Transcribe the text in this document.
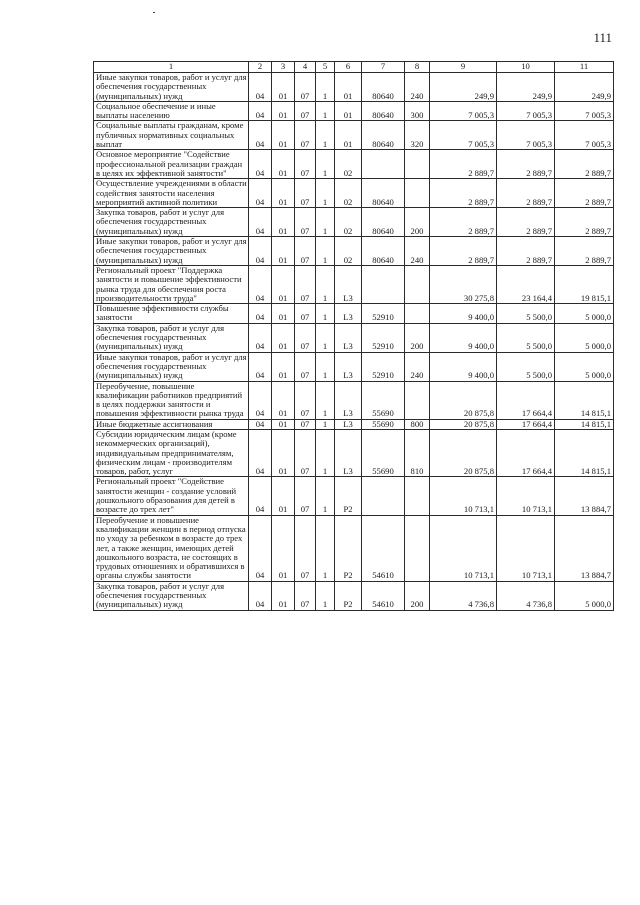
111
1	2	3	4	5	6	7	8	9	10	11
Иные закупки товаров, работ и услуг для обеспечения государственных (муниципальных) нужд	04	01	07	1	01	80640	240	249,9	249,9	249,9
Социальное обеспечение и иные выплаты населению	04	01	07	1	01	80640	300	7 005,3	7 005,3	7 005,3
Социальные выплаты гражданам, кроме публичных нормативных социальных выплат	04	01	07	1	01	80640	320	7 005,3	7 005,3	7 005,3
Основное мероприятие "Содействие профессиональной реализации граждан в целях их эффективной занятости"	04	01	07	1	02			2 889,7	2 889,7	2 889,7
Осуществление учреждениями в области содействия занятости населения мероприятий активной политики	04	01	07	1	02	80640		2 889,7	2 889,7	2 889,7
Закупка товаров, работ и услуг для обеспечения государственных (муниципальных) нужд	04	01	07	1	02	80640	200	2 889,7	2 889,7	2 889,7
Иные закупки товаров, работ и услуг для обеспечения государственных (муниципальных) нужд	04	01	07	1	02	80640	240	2 889,7	2 889,7	2 889,7
Региональный проект "Поддержка занятости и повышение эффективности рынка труда для обеспечения роста производительности труда"	04	01	07	1	L3			30 275,8	23 164,4	19 815,1
Повышение эффективности службы занятости	04	01	07	1	L3	52910		9 400,0	5 500,0	5 000,0
Закупка товаров, работ и услуг для обеспечения государственных (муниципальных) нужд	04	01	07	1	L3	52910	200	9 400,0	5 500,0	5 000,0
Иные закупки товаров, работ и услуг для обеспечения государственных (муниципальных) нужд	04	01	07	1	L3	52910	240	9 400,0	5 500,0	5 000,0
Переобучение, повышение квалификации работников предприятий в целях поддержки занятости и повышения эффективности рынка труда	04	01	07	1	L3	55690		20 875,8	17 664,4	14 815,1
Иные бюджетные ассигнования	04	01	07	1	L3	55690	800	20 875,8	17 664,4	14 815,1
Субсидии юридическим лицам (кроме некоммерческих организаций), индивидуальным предпринимателям, физическим лицам - производителям товаров, работ, услуг	04	01	07	1	L3	55690	810	20 875,8	17 664,4	14 815,1
Региональный проект "Содействие занятости женщин - создание условий дошкольного образования для детей в возрасте до трех лет"	04	01	07	1	P2			10 713,1	10 713,1	13 884,7
Переобучение и повышение квалификации женщин в период отпуска по уходу за ребенком в возрасте до трех лет, а также женщин, имеющих детей дошкольного возраста, не состоящих в трудовых отношениях и обратившихся в органы службы занятости	04	01	07	1	P2	54610		10 713,1	10 713,1	13 884,7
Закупка товаров, работ и услуг для обеспечения государственных (муниципальных) нужд	04	01	07	1	P2	54610	200	4 736,8	4 736,8	5 000,0
